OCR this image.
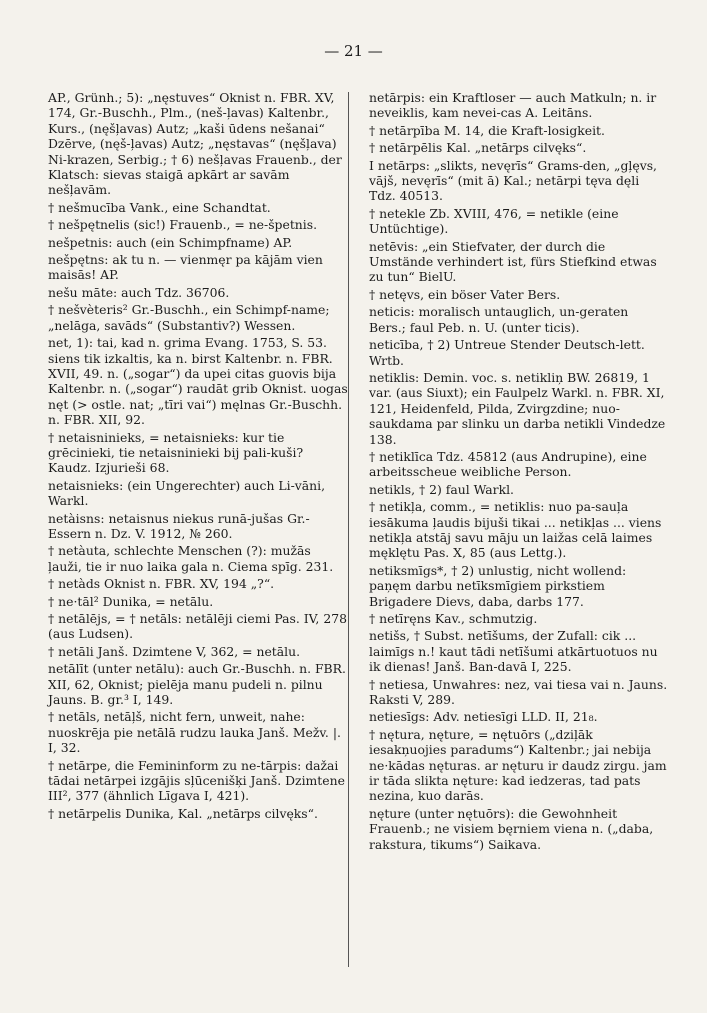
— 21 —
AP., Grünh.; 5): „nęstuves“ Oknist n. FBR. XV, 174, Gr.-Buschh., Plm., (neš-ļavas) Kaltenbr., Kurs., (nęšļavas) Autz; „kaši ūdens nešanai“ Dzērve, (nęš-ļavas) Autz; „nęstavas“ (nęšļava) Ni-krazen, Serbig.; † 6) nešļavas Frauenb., der Klatsch: sievas staigā apkārt ar savām nešļavām.
† nešmucība Vank., eine Schandtat.
† nešpętnelis (sic!) Frauenb., = ne-špetnis.
nešpetnis: auch (ein Schimpfname) AP.
nešpętns: ak tu n. — vienmęr pa kājām vien maisās! AP.
nešu māte: auch Tdz. 36706.
† nešvèteris² Gr.-Buschh., ein Schimpf-name; „nelāga, savāds“ (Substantiv?) Wessen.
net, 1): tai, kad n. grima Evang. 1753, S. 53. siens tik izkaltis, ka n. birst Kaltenbr. n. FBR. XVII, 49. n. („sogar“) da upei citas guovis bija Kaltenbr. n. („sogar“) raudāt grib Oknist. uogas nęt (> ostle. nat; „tīri vai“) męlnas Gr.-Buschh. n. FBR. XII, 92.
† netaisninieks, = netaisnieks: kur tie grēcinieki, tie netaisninieki bij pali-kuši? Kaudz. Izjurieši 68.
netaisnieks: (ein Ungerechter) auch Li-vāni, Warkl.
netàisns: netaisnus niekus runā-jušas Gr.-Essern n. Dz. V. 1912, № 260.
† netàuta, schlechte Menschen (?): mužās ļauži, tie ir nuo laika gala n. Ciema spīg. 231.
† netàds Oknist n. FBR. XV, 194 „?“.
† ne·tāl² Dunika, = netālu.
† netālējs, = † netāls: netālēji ciemi Pas. IV, 278 (aus Ludsen).
† netāli Janš. Dzimtene V, 362, = netālu.
netālīt (unter netālu): auch Gr.-Buschh. n. FBR. XII, 62, Oknist; pielēja manu pudeli n. pilnu Jauns. B. gr.³ I, 149.
† netāls, netāļš, nicht fern, unweit, nahe: nuoskrēja pie netālā rudzu lauka Janš. Mežv. |. I, 32.
† netārpe, die Femininform zu ne-tārpis: dažai tādai netārpei izgājis sļūcenišķi Janš. Dzimtene III², 377 (ähnlich Līgava I, 421).
† netārpelis Dunika, Kal. „netārps cilvęks“.
netārpis: ein Kraftloser — auch Matkuln; n. ir neveiklis, kam nevei-cas A. Leitāns.
† netārpība M. 14, die Kraft-losigkeit.
† netārpēlis Kal. „netārps cilvęks“.
I netārps: „slikts, nevęrīs“ Grams-den, „gļęvs, vājš, nevęrīs“ (mit ā) Kal.; netārpi tęva dęli Tdz. 40513.
† netekle Zb. XVIII, 476, = netikle (eine Untüchtige).
netēvis: „ein Stiefvater, der durch die Umstände verhindert ist, fürs Stiefkind etwas zu tun“ BielU.
† netęvs, ein böser Vater Bers.
neticis: moralisch untauglich, un-geraten Bers.; faul Peb. n. U. (unter ticis).
neticība, † 2) Untreue Stender Deutsch-lett. Wrtb.
netiklis: Demin. voc. s. netikliņ BW. 26819, 1 var. (aus Siuxt); ein Faulpelz Warkl. n. FBR. XI, 121, Heidenfeld, Pilda, Zvirgzdine; nuo-saukdama par slinku un darba netikli Vindedze 138.
† netiklīca Tdz. 45812 (aus Andrupine), eine arbeitsscheue weibliche Person.
netikls, † 2) faul Warkl.
† netikļa, comm., = netiklis: nuo pa-sauļa iesākuma ļaudis bijuši tikai ... netikļas ... viens netikļa atstāj savu māju un laižas celā laimes męklętu Pas. X, 85 (aus Lettg.).
netiksmīgs*, † 2) unlustig, nicht wollend: paņęm darbu netīksmīgiem pirkstiem Brigadere Dievs, daba, darbs 177.
† netīręns Kav., schmutzig.
netišs, † Subst. netīšums, der Zufall: cik ... laimīgs n.! kaut tādi netīšumi atkārtuotuos nu ik dienas! Janš. Ban-davā I, 225.
† netiesa, Unwahres: nez, vai tiesa vai n. Jauns. Raksti V, 289.
netiesīgs: Adv. netiesīgi LLD. II, 21₈.
† nętura, nęture, = nętuōrs („dziļāk iesakņuojies paradums“) Kaltenbr.; jai nebija ne·kādas nęturas. ar nęturu ir daudz zirgu. jam ir tāda slikta nęture: kad iedzeras, tad pats nezina, kuo darās.
nęture (unter nętuōrs): die Gewohnheit Frauenb.; ne visiem bęrniem viena n. („daba, rakstura, tikums“) Saikava.
